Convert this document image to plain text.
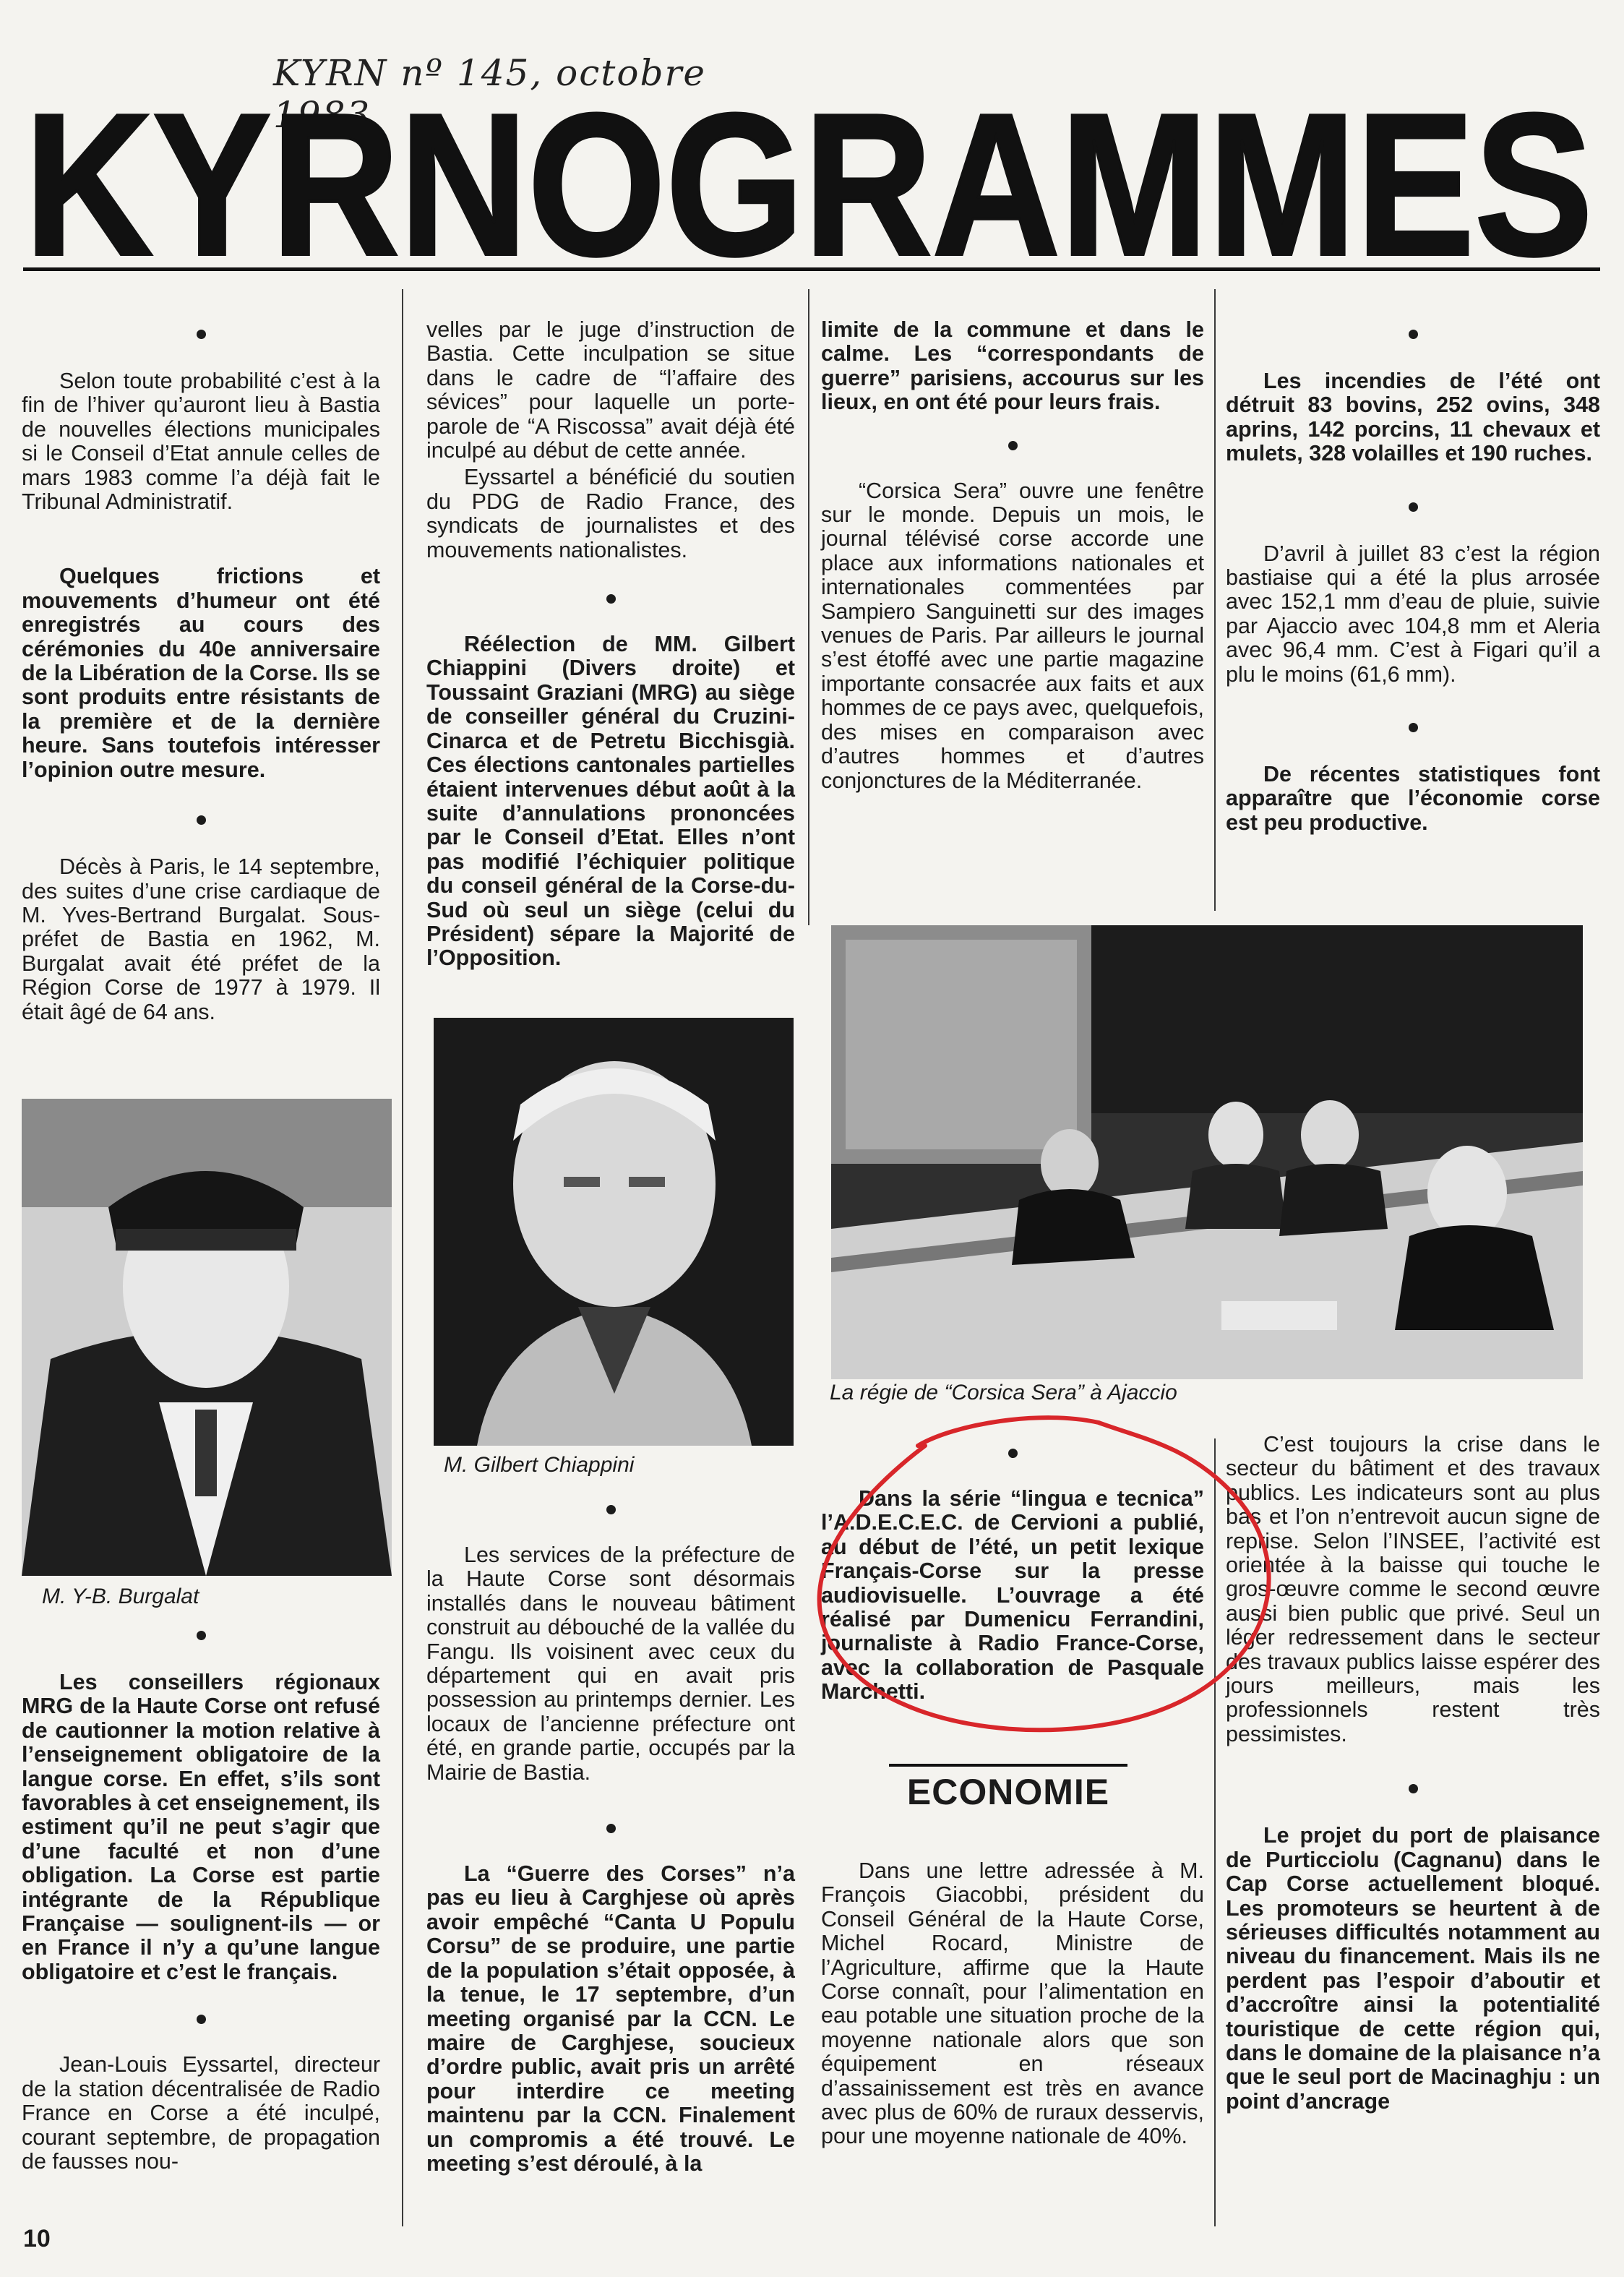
KYRN nº 145, octobre 1983
KYRNOGRAMMES

Selon toute probabilité c’est à la fin de l’hiver qu’auront lieu à Bastia de nouvelles élections municipales si le Conseil d’Etat annule celles de mars 1983 comme l’a déjà fait le Tribunal Administratif.

Quelques frictions et mouvements d’humeur ont été enregistrés au cours des cérémonies du 40e anniversaire de la Libération de la Corse. Ils se sont produits entre résistants de la première et de la dernière heure. Sans toutefois intéresser l’opinion outre mesure.

Décès à Paris, le 14 septembre, des suites d’une crise cardiaque de M. Yves-Bertrand Burgalat. Sous-préfet de Bastia en 1962, M. Burgalat avait été préfet de la Région Corse de 1977 à 1979. Il était âgé de 64 ans.

M. Y-B. Burgalat

Les conseillers régionaux MRG de la Haute Corse ont refusé de cautionner la motion relative à l’enseignement obligatoire de la langue corse. En effet, s’ils sont favorables à cet enseignement, ils estiment qu’il ne peut s’agir que d’une faculté et non d’une obligation. La Corse est partie intégrante de la République Française — soulignent-ils — or en France il n’y a qu’une langue obligatoire et c’est le français.

Jean-Louis Eyssartel, directeur de la station décentralisée de Radio France en Corse a été inculpé, courant septembre, de propagation de fausses nou-

velles par le juge d’instruction de Bastia. Cette inculpation se situe dans le cadre de “l’affaire des sévices” pour laquelle un porte-parole de “A Riscossa” avait déjà été inculpé au début de cette année.

Eyssartel a bénéficié du soutien du PDG de Radio France, des syndicats de journalistes et des mouvements nationalistes.

Réélection de MM. Gilbert Chiappini (Divers droite) et Toussaint Graziani (MRG) au siège de conseiller général du Cruzini-Cinarca et de Petretu Bicchisgià. Ces élections cantonales partielles étaient intervenues début août à la suite d’annulations prononcées par le Conseil d’Etat. Elles n’ont pas modifié l’échiquier politique du conseil général de la Corse-du-Sud où seul un siège (celui du Président) sépare la Majorité de l’Opposition.

M. Gilbert Chiappini

Les services de la préfecture de la Haute Corse sont désormais installés dans le nouveau bâtiment construit au débouché de la vallée du Fangu. Ils voisinent avec ceux du département qui en avait pris possession au printemps dernier. Les locaux de l’ancienne préfecture ont été, en grande partie, occupés par la Mairie de Bastia.

La “Guerre des Corses” n’a pas eu lieu à Carghjese où après avoir empêché “Canta U Populu Corsu” de se produire, une partie de la population s’était opposée, à la tenue, le 17 septembre, d’un meeting organisé par la CCN. Le maire de Carghjese, soucieux d’ordre public, avait pris un arrêté pour interdire ce meeting maintenu par la CCN. Finalement un compromis a été trouvé. Le meeting s’est déroulé, à la

limite de la commune et dans le calme. Les “correspondants de guerre” parisiens, accourus sur les lieux, en ont été pour leurs frais.

“Corsica Sera” ouvre une fenêtre sur le monde. Depuis un mois, le journal télévisé corse accorde une place aux informations nationales et internationales commentées par Sampiero Sanguinetti sur des images venues de Paris. Par ailleurs le journal s’est étoffé avec une partie magazine importante consacrée aux faits et aux hommes de ce pays avec, quelquefois, des mises en comparaison avec d’autres hommes et d’autres conjonctures de la Méditerranée.

La régie de “Corsica Sera” à Ajaccio

Dans la série “lingua e tecnica” l’A.D.E.C.E.C. de Cervioni a publié, au début de l’été, un petit lexique Français-Corse sur la presse audiovisuelle. L’ouvrage a été réalisé par Dumenicu Ferrandini, journaliste à Radio France-Corse, avec la collaboration de Pasquale Marchetti.

ECONOMIE

Dans une lettre adressée à M. François Giacobbi, président du Conseil Général de la Haute Corse, Michel Rocard, Ministre de l’Agriculture, affirme que la Haute Corse connaît, pour l’alimentation en eau potable une situation proche de la moyenne nationale alors que son équipement en réseaux d’assainissement est très en avance avec plus de 60% de ruraux desservis, pour une moyenne nationale de 40%.

Les incendies de l’été ont détruit 83 bovins, 252 ovins, 348 aprins, 142 porcins, 11 chevaux et mulets, 328 volailles et 190 ruches.

D’avril à juillet 83 c’est la région bastiaise qui a été la plus arrosée avec 152,1 mm d’eau de pluie, suivie par Ajaccio avec 104,8 mm et Aleria avec 96,4 mm. C’est à Figari qu’il a plu le moins (61,6 mm).

De récentes statistiques font apparaître que l’économie corse est peu productive.

C’est toujours la crise dans le secteur du bâtiment et des travaux publics. Les indicateurs sont au plus bas et l’on n’entrevoit aucun signe de reprise. Selon l’INSEE, l’activité est orientée à la baisse qui touche le gros-œuvre comme le second œuvre aussi bien public que privé. Seul un léger redressement dans le secteur des travaux publics laisse espérer des jours meilleurs, mais les professionnels restent très pessimistes.

Le projet du port de plaisance de Purticciolu (Cagnanu) dans le Cap Corse actuellement bloqué. Les promoteurs se heurtent à de sérieuses difficultés notamment au niveau du financement. Mais ils ne perdent pas l’espoir d’aboutir et d’accroître ainsi la potentialité touristique de cette région qui, dans le domaine de la plaisance n’a que le seul port de Macinaghju : un point d’ancrage

10
